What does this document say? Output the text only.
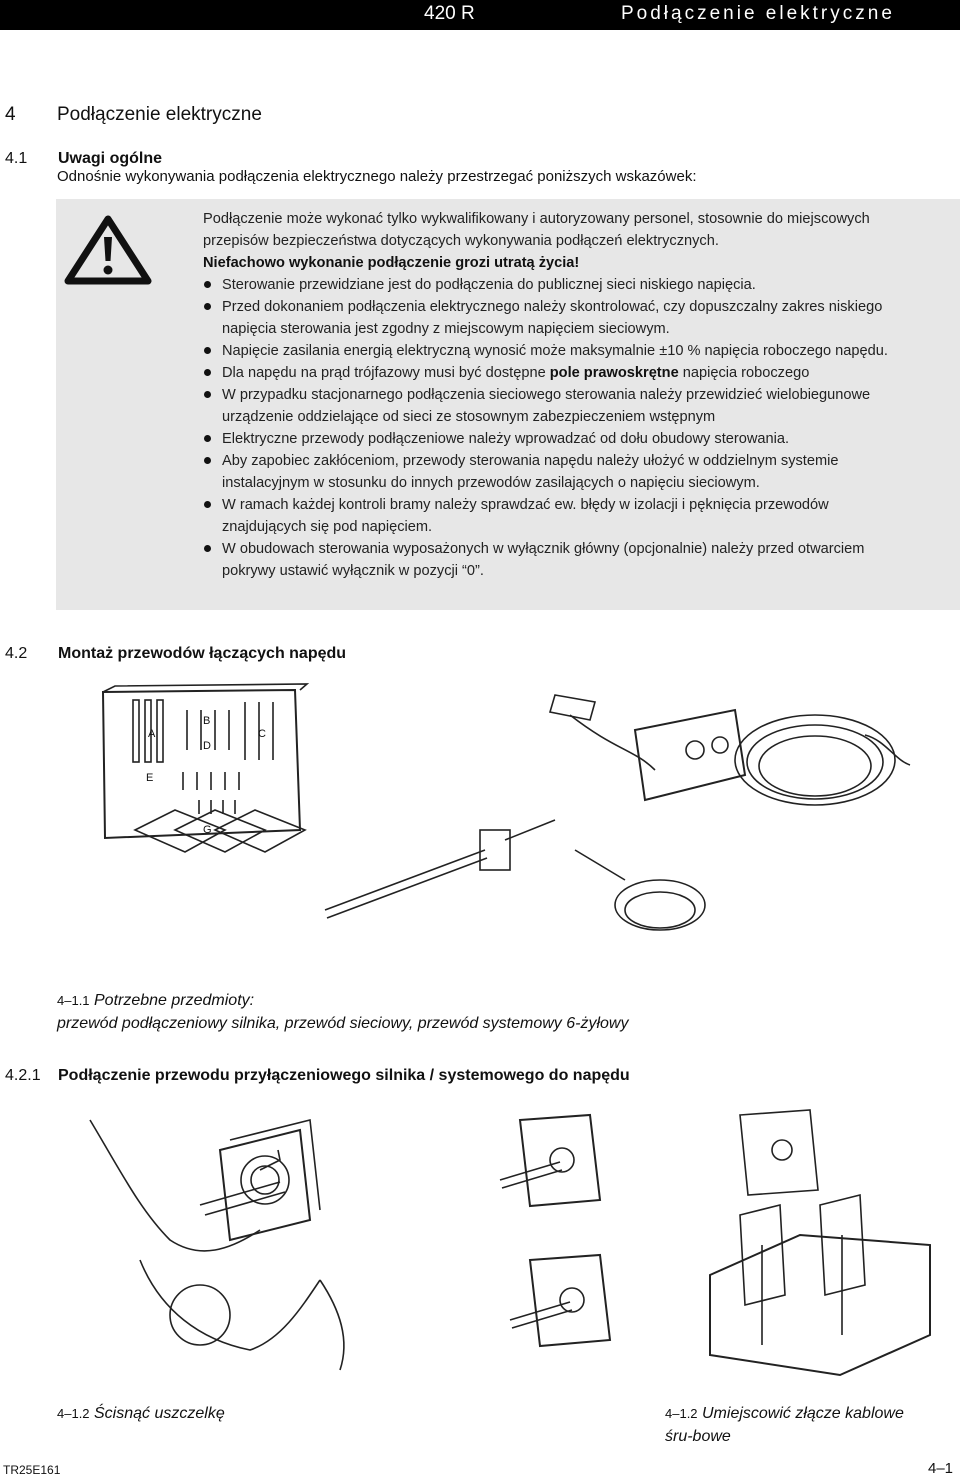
420 R	Podłączenie elektryczne
4 Podłączenie elektryczne
4.1 Uwagi ogólne
Odnośnie wykonywania podłączenia elektrycznego należy przestrzegać poniższych wskazówek:

Podłączenie może wykonać tylko wykwalifikowany i autoryzowany personel, stosownie do miejscowych przepisów bezpieczeństwa dotyczących wykonywania podłączeń elektrycznych.

Niefachowo wykonanie podłączenie grozi utratą życia!

Sterowanie przewidziane jest do podłączenia do publicznej sieci niskiego napięcia.
Przed dokonaniem podłączenia elektrycznego należy skontrolować, czy dopuszczalny zakres niskiego napięcia sterowania jest zgodny z miejscowym napięciem sieciowym.
Napięcie zasilania energią elektryczną wynosić może maksymalnie ±10 % napięcia roboczego napędu.
Dla napędu na prąd trójfazowy musi być dostępne pole prawoskrętne napięcia roboczego
W przypadku stacjonarnego podłączenia sieciowego sterowania należy przewidzieć wielobiegunowe urządzenie oddzielające od sieci ze stosownym zabezpieczeniem wstępnym
Elektryczne przewody podłączeniowe należy wprowadzać od dołu obudowy sterowania.
Aby zapobiec zakłóceniom, przewody sterowania napędu należy ułożyć w oddzielnym systemie instalacyjnym w stosunku do innych przewodów zasilających o napięciu sieciowym.
W ramach każdej kontroli bramy należy sprawdzać ew. błędy w izolacji i pęknięcia przewodów znajdujących się pod napięciem.
W obudowach sterowania wyposażonych w wyłącznik główny (opcjonalnie) należy przed otwarciem pokrywy ustawić wyłącznik w pozycji “0”.
4.2 Montaż przewodów łączących napędu
A
B
C
D
E
G
4–1.1 Potrzebne przedmioty:
przewód podłączeniowy silnika, przewód sieciowy, przewód systemowy 6-żyłowy
4.2.1 Podłączenie przewodu przyłączeniowego silnika / systemowego do napędu
4–1.2 Ścisnąć uszczelkę	4–1.2 Umiejscowić złącze kablowe śru-bowe
TR25E161	4–1
